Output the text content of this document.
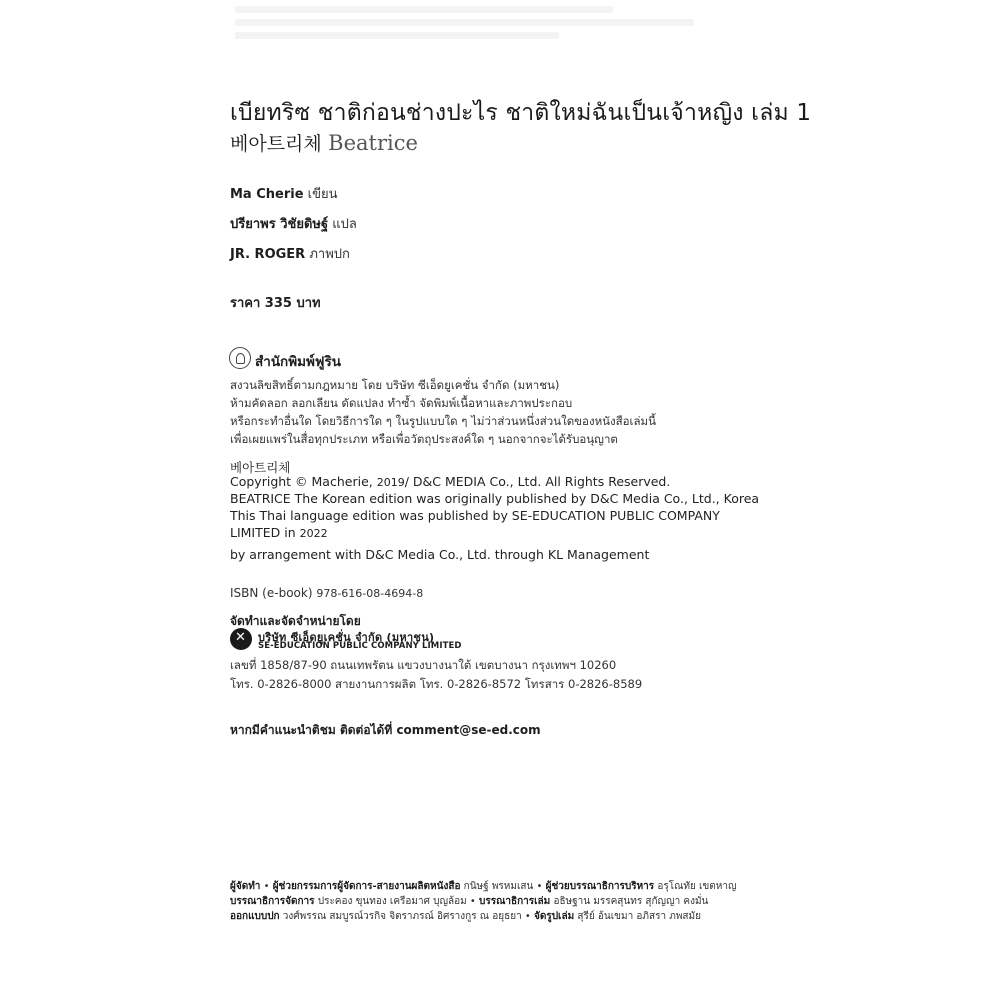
เบียทริซ ชาติก่อนช่างปะไร ชาติใหม่ฉันเป็นเจ้าหญิง เล่ม 1
베아트리체 Beatrice
Ma Cherie เขียน
ปรียาพร วิชัยดิษฐ์ แปล
JR. ROGER ภาพปก
ราคา 335 บาท
สำนักพิมพ์ฟูริน
สงวนลิขสิทธิ์ตามกฎหมาย โดย บริษัท ซีเอ็ดยูเคชั่น จำกัด (มหาชน)
ห้ามคัดลอก ลอกเลียน ดัดแปลง ทำซ้ำ จัดพิมพ์เนื้อหาและภาพประกอบ
หรือกระทำอื่นใด โดยวิธีการใด ๆ ในรูปแบบใด ๆ ไม่ว่าส่วนหนึ่งส่วนใดของหนังสือเล่มนี้
เพื่อเผยแพร่ในสื่อทุกประเภท หรือเพื่อวัตถุประสงค์ใด ๆ นอกจากจะได้รับอนุญาต
베아트리체
Copyright © Macherie, 2019/ D&C MEDIA Co., Ltd. All Rights Reserved.
BEATRICE The Korean edition was originally published by D&C Media Co., Ltd., Korea
This Thai language edition was published by SE-EDUCATION PUBLIC COMPANY
LIMITED in 2022
by arrangement with D&C Media Co., Ltd. through KL Management
ISBN (e-book) 978-616-08-4694-8
จัดทำและจัดจำหน่ายโดย
✕
บริษัท ซีเอ็ดยูเคชั่น จำกัด (มหาชน)
SE-EDUCATION PUBLIC COMPANY LIMITED
เลขที่ 1858/87-90 ถนนเทพรัตน แขวงบางนาใต้ เขตบางนา กรุงเทพฯ 10260
โทร. 0-2826-8000 สายงานการผลิต โทร. 0-2826-8572 โทรสาร 0-2826-8589
หากมีคำแนะนำติชม ติดต่อได้ที่ comment@se-ed.com
ผู้จัดทำ • ผู้ช่วยกรรมการผู้จัดการ-สายงานผลิตหนังสือ กนิษฐ์ พรหมเสน • ผู้ช่วยบรรณาธิการบริหาร อรุโณทัย เขตหาญ
บรรณาธิการจัดการ ประคอง ขุนทอง เครือมาศ บุญล้อม • บรรณาธิการเล่ม อธิษฐาน มรรคสุนทร สุกัญญา คงมั่น
ออกแบบปก วงศ์พรรณ สมบูรณ์วรกิจ จิตราภรณ์ อิศรางกูร ณ อยุธยา • จัดรูปเล่ม สุรีย์ อ้นเขมา อภิสรา ภพสมัย
